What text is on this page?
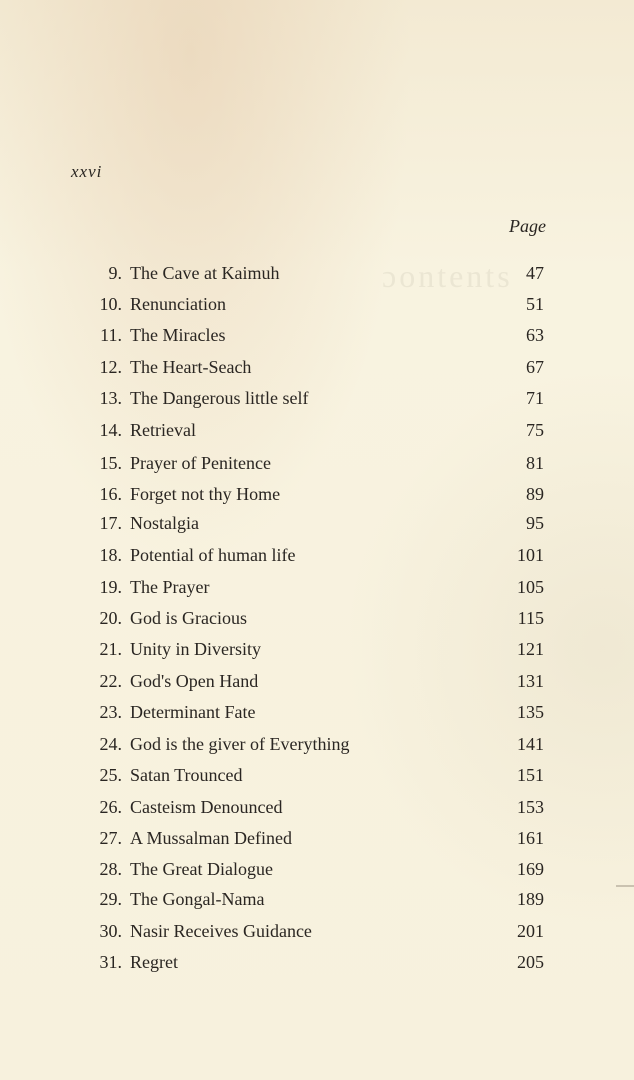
ɔontents
xxvi
Page
9. The Cave at Kaimuh	47
10. Renunciation	51
11. The Miracles	63
12. The Heart-Seach	67
13. The Dangerous little self	71
14. Retrieval	75
15. Prayer of Penitence	81
16. Forget not thy Home	89
17. Nostalgia	95
18. Potential of human life	101
19. The Prayer	105
20. God is Gracious	115
21. Unity in Diversity	121
22. God's Open Hand	131
23. Determinant Fate	135
24. God is the giver of Everything	141
25. Satan Trounced	151
26. Casteism Denounced	153
27. A Mussalman Defined	161
28. The Great Dialogue	169
29. The Gongal-Nama	189
30. Nasir Receives Guidance	201
31. Regret	205
